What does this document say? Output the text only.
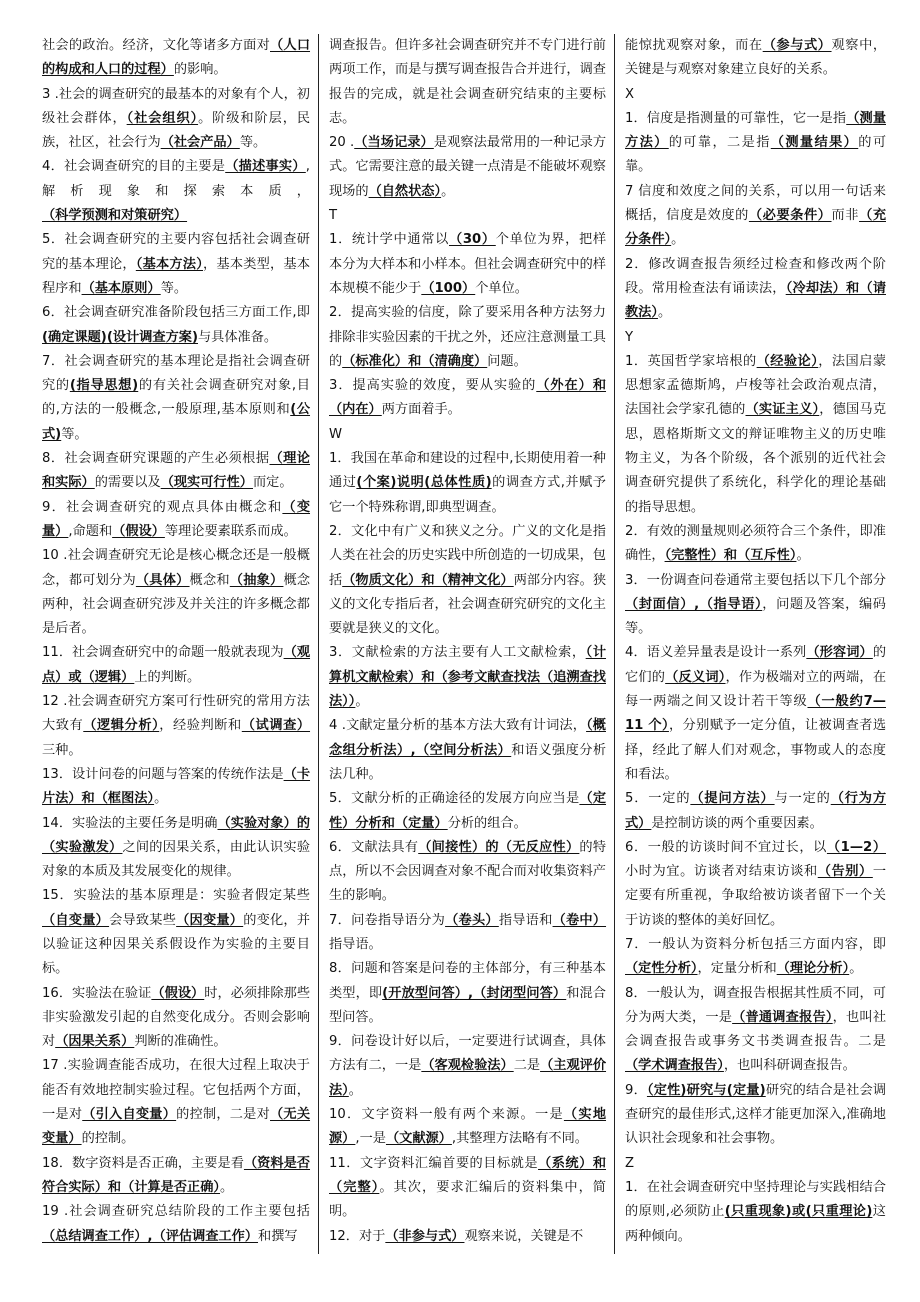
社会的政治。经济，文化等诸多方面对（人口的构成和人口的过程）的影响。

3 .社会的调查研究的最基本的对象有个人，初级社会群体，（社会组织）。阶级和阶层，民族，社区，社会行为（社会产品）等。

4．社会调查研究的目的主要是（描述事实）,解析现象和探索本质，（科学预测和对策研究）

5．社会调查研究的主要内容包括社会调查研究的基本理论，（基本方法），基本类型，基本程序和（基本原则）等。

6．社会调查研究准备阶段包括三方面工作,即(确定课题)(设计调查方案)与具体准备。

7．社会调查研究的基本理论是指社会调查研究的(指导思想)的有关社会调查研究对象,目的,方法的一般概念,一般原理,基本原则和(公式)等。

8．社会调查研究课题的产生必须根据（理论和实际）的需要以及（现实可行性）而定。

9．社会调查研究的观点具体由概念和（变量）,命题和（假设）等理论要素联系而成。

10 .社会调查研究无论是核心概念还是一般概念，都可划分为（具体）概念和（抽象）概念两种，社会调查研究涉及并关注的许多概念都是后者。

11．社会调查研究中的命题一般就表现为（观点）或（逻辑）上的判断。

12 .社会调查研究方案可行性研究的常用方法大致有（逻辑分析），经验判断和（试调查）三种。

13．设计问卷的问题与答案的传统作法是（卡片法）和（框图法）。

14．实验法的主要任务是明确（实验对象）的（实验激发）之间的因果关系，由此认识实验对象的本质及其发展变化的规律。

15．实验法的基本原理是：实验者假定某些（自变量）会导致某些（因变量）的变化，并以验证这种因果关系假设作为实验的主要目标。

16．实验法在验证（假设）时，必须排除那些非实验激发引起的自然变化成分。否则会影响对（因果关系）判断的准确性。

17 .实验调查能否成功，在很大过程上取决于能否有效地控制实验过程。它包括两个方面，一是对（引入自变量）的控制，二是对（无关变量）的控制。

18．数字资料是否正确，主要是看（资料是否符合实际）和（计算是否正确）。

19 .社会调查研究总结阶段的工作主要包括（总结调查工作）,（评估调查工作）和撰写

调查报告。但许多社会调查研究并不专门进行前两项工作，而是与撰写调查报告合并进行，调查报告的完成，就是社会调查研究结束的主要标志。

20 .（当场记录）是观察法最常用的一种记录方式。它需要注意的最关键一点清是不能破坏观察现场的（自然状态）。

T

1．统计学中通常以（30）个单位为界，把样本分为大样本和小样本。但社会调查研究中的样本规模不能少于（100）个单位。

2．提高实验的信度，除了要采用各种方法努力排除非实验因素的干扰之外，还应注意测量工具的（标准化）和（清确度）问题。

3．提高实验的效度，要从实验的（外在）和（内在）两方面着手。

W

1．我国在革命和建设的过程中,长期使用着一种通过(个案)说明(总体性质)的调查方式,并赋予它一个特殊称谓,即典型调查。

2．文化中有广义和狭义之分。广义的文化是指人类在社会的历史实践中所创造的一切成果，包括（物质文化）和（精神文化）两部分内容。狭义的文化专指后者，社会调查研究研究的文化主要就是狭义的文化。

3．文献检索的方法主要有人工文献检索，（计算机文献检索）和（参考文献查找法（追溯查找法））。

4 .文献定量分析的基本方法大致有计词法，（概念组分析法）,（空间分析法）和语义强度分析法几种。

5．文献分析的正确途径的发展方向应当是（定性）分析和（定量）分析的组合。

6．文献法具有（间接性）的（无反应性）的特点，所以不会因调查对象不配合而对收集资料产生的影响。

7．问卷指导语分为（卷头）指导语和（卷中）指导语。

8．问题和答案是问卷的主体部分，有三种基本类型，即(开放型问答）,（封闭型问答）和混合型问答。

9．问卷设计好以后，一定要进行试调查，具体方法有二，一是（客观检验法）二是（主观评价法）。

10．文字资料一般有两个来源。一是（实地源）,一是（文献源）,其整理方法略有不同。

11．文字资料汇编首要的目标就是（系统）和（完整）。其次，要求汇编后的资料集中，简明。

12．对于（非参与式）观察来说，关键是不

能惊扰观察对象，而在（参与式）观察中，关键是与观察对象建立良好的关系。

X

1．信度是指测量的可靠性，它一是指（测量方法）的可靠，二是指（测量结果）的可靠。

7 信度和效度之间的关系，可以用一句话来概括，信度是效度的（必要条件）而非（充分条件）。

2．修改调查报告须经过检查和修改两个阶段。常用检查法有诵读法，（冷却法）和（请教法）。

Y

1．英国哲学家培根的（经验论），法国启蒙思想家孟德斯鸠，卢梭等社会政治观点清，法国社会学家孔德的（实证主义），德国马克思，恩格斯斯文文的辩证唯物主义的历史唯物主义，为各个阶级，各个派别的近代社会调查研究提供了系统化，科学化的理论基础的指导思想。

2．有效的测量规则必须符合三个条件，即准确性，（完整性）和（互斥性）。

3．一份调查问卷通常主要包括以下几个部分（封面信）,（指导语），问题及答案，编码等。

4．语义差异量表是设计一系列（形容词）的它们的（反义词），作为极端对立的两端，在每一两端之间又设计若干等级（一般约7—11 个），分别赋予一定分值，让被调查者选择，经此了解人们对观念，事物或人的态度和看法。

5．一定的（提问方法）与一定的（行为方式）是控制访谈的两个重要因素。

6．一般的访谈时间不宜过长，以（1—2）小时为宜。访谈者对结束访谈和（告别）一定要有所重视，争取给被访谈者留下一个关于访谈的整体的美好回忆。

7．一般认为资料分析包括三方面内容，即（定性分析），定量分析和（理论分析）。

8．一般认为，调查报告根据其性质不同，可分为两大类，一是（普通调查报告），也叫社会调查报告或事务文书类调查报告。二是（学术调查报告），也叫科研调查报告。

9．（定性)研究与(定量)研究的结合是社会调查研究的最佳形式,这样才能更加深入,准确地认识社会现象和社会事物。

Z

1．在社会调查研究中坚持理论与实践相结合的原则,必须防止(只重现象)或(只重理论)这两种倾向。
